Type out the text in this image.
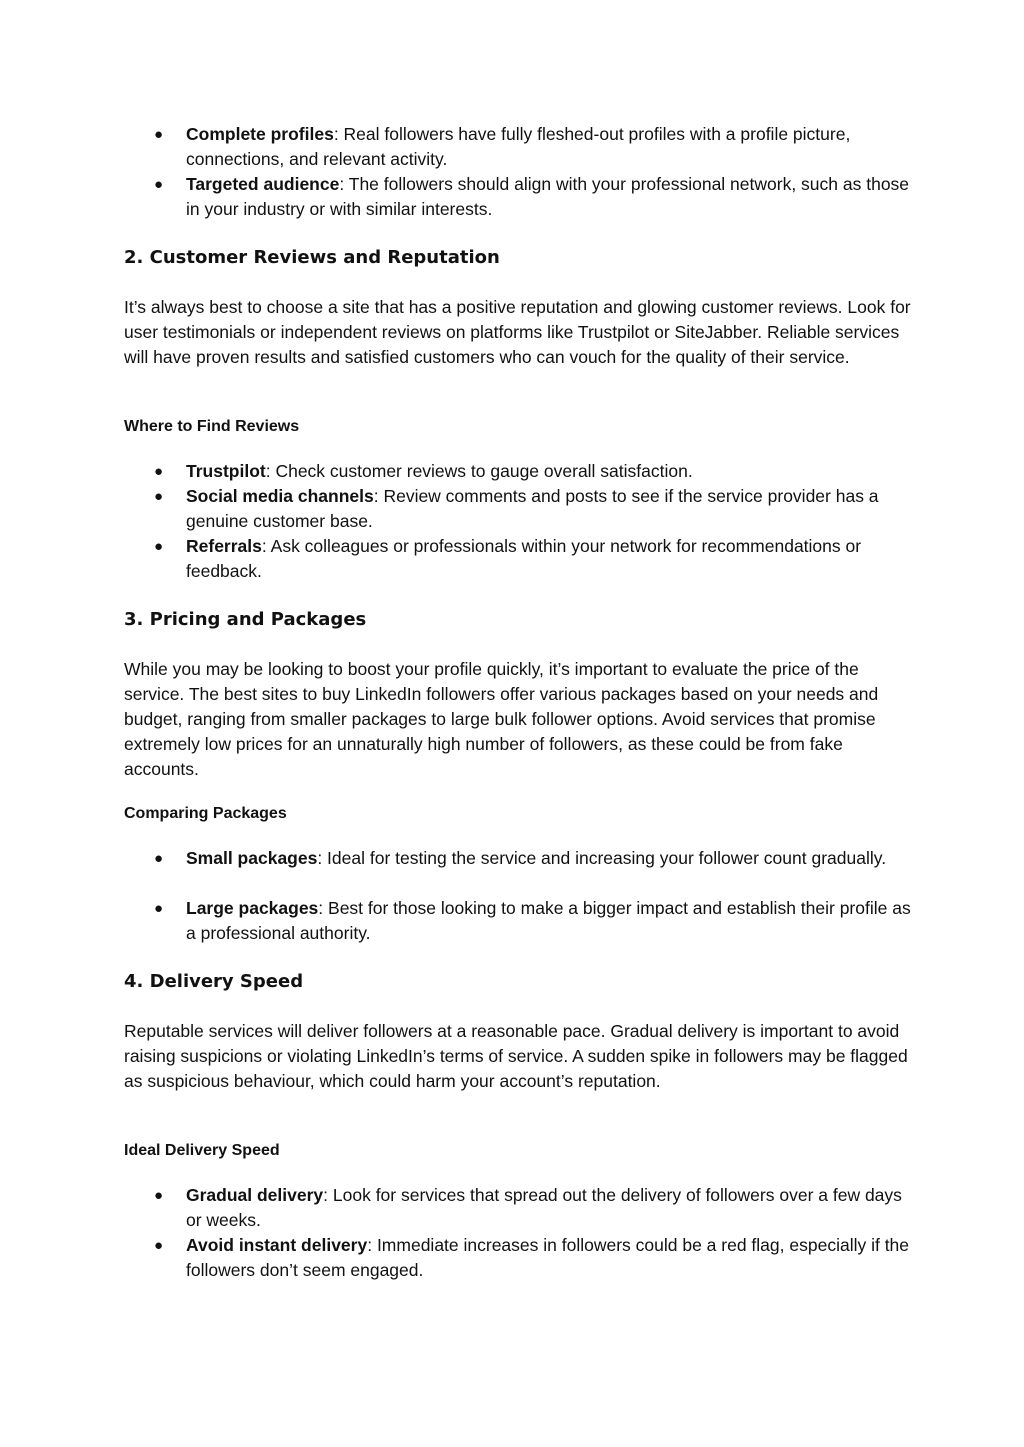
●	Complete profiles: Real followers have fully fleshed-out profiles with a profile picture, connections, and relevant activity.
●	Targeted audience: The followers should align with your professional network, such as those in your industry or with similar interests.
2. Customer Reviews and Reputation

It’s always best to choose a site that has a positive reputation and glowing customer reviews. Look for user testimonials or independent reviews on platforms like Trustpilot or SiteJabber. Reliable services will have proven results and satisfied customers who can vouch for the quality of their service.

Where to Find Reviews
●	Trustpilot: Check customer reviews to gauge overall satisfaction.
●	Social media channels: Review comments and posts to see if the service provider has a genuine customer base.
●	Referrals: Ask colleagues or professionals within your network for recommendations or feedback.
3. Pricing and Packages

While you may be looking to boost your profile quickly, it’s important to evaluate the price of the service. The best sites to buy LinkedIn followers offer various packages based on your needs and budget, ranging from smaller packages to large bulk follower options. Avoid services that promise extremely low prices for an unnaturally high number of followers, as these could be from fake accounts.

Comparing Packages
●	Small packages: Ideal for testing the service and increasing your follower count gradually.
●	Large packages: Best for those looking to make a bigger impact and establish their profile as a professional authority.
4. Delivery Speed

Reputable services will deliver followers at a reasonable pace. Gradual delivery is important to avoid raising suspicions or violating LinkedIn’s terms of service. A sudden spike in followers may be flagged as suspicious behaviour, which could harm your account’s reputation.

Ideal Delivery Speed
●	Gradual delivery: Look for services that spread out the delivery of followers over a few days or weeks.
●	Avoid instant delivery: Immediate increases in followers could be a red flag, especially if the followers don’t seem engaged.
